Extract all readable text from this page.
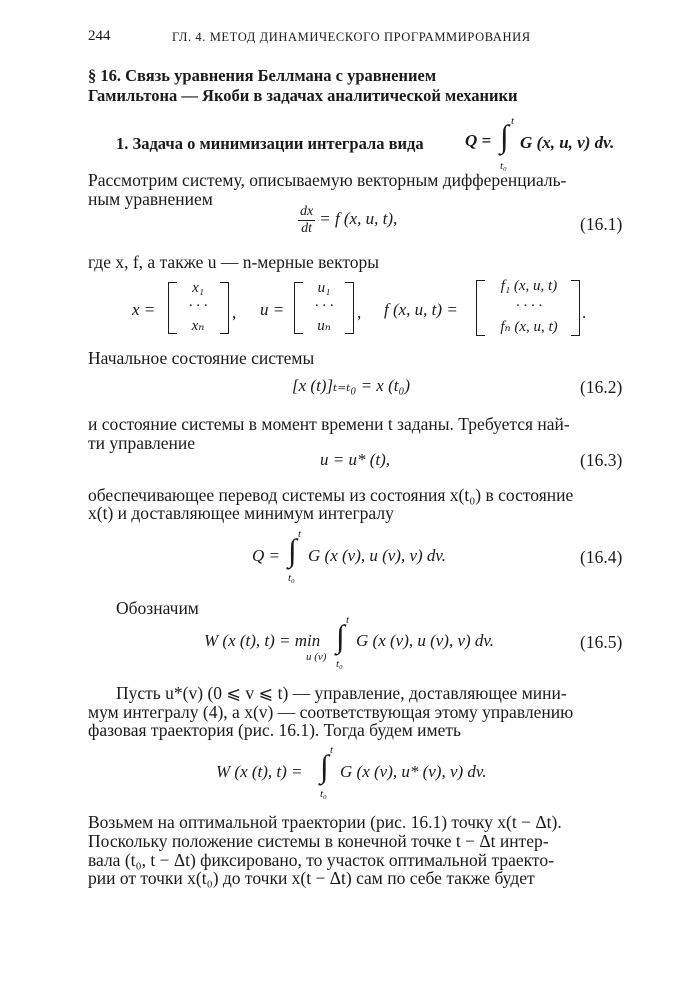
244	ГЛ. 4. МЕТОД ДИНАМИЧЕСКОГО ПРОГРАММИРОВАНИЯ
§ 16. Связь уравнения Беллмана с уравнением
Гамильтона — Якоби в задачах аналитической механики
1. Задача о минимизации интеграла вида Q = ∫ t
t₀
G (x, u, v) dv.
Рассмотрим систему, описываемую векторным дифференциаль-
ным уравнением
$\frac{dx}{dt} = f$ (x, u, t),	(16.1)
где x, f, а также u — n-мерные векторы
x =
x₁
· · ·
xₙ
, u =
u₁
· · ·
uₙ
, f (x, u, t) =
f₁ (x, u, t)
· · · ·
fₙ (x, u, t)
.
Начальное состояние системы
[x (t)]ₜ₌ₜ₀ = x (t₀)	(16.2)
и состояние системы в момент времени t заданы. Требуется най-
ти управление
u = u* (t),	(16.3)
обеспечивающее перевод системы из состояния x(t₀) в состояние
x(t) и доставляющее минимум интегралу
Q = ∫ t
t₀
G (x (v), u (v), v) dv.	(16.4)
Обозначим
W (x (t), t) = min
u (v)
∫ t
t₀
G (x (v), u (v), v) dv.	(16.5)
Пусть u*(v) (0 ⩽ v ⩽ t) — управление, доставляющее мини-
мум интегралу (4), а x(v) — соответствующая этому управлению
фазовая траектория (рис. 16.1). Тогда будем иметь
W (x (t), t) = ∫ t
t₀
G (x (v), u* (v), v) dv.
Возьмем на оптимальной траектории (рис. 16.1) точку x(t − Δt).
Поскольку положение системы в конечной точке t − Δt интер-
вала (t₀, t − Δt) фиксировано, то участок оптимальной траекто-
рии от точки x(t₀) до точки x(t − Δt) сам по себе также будет
